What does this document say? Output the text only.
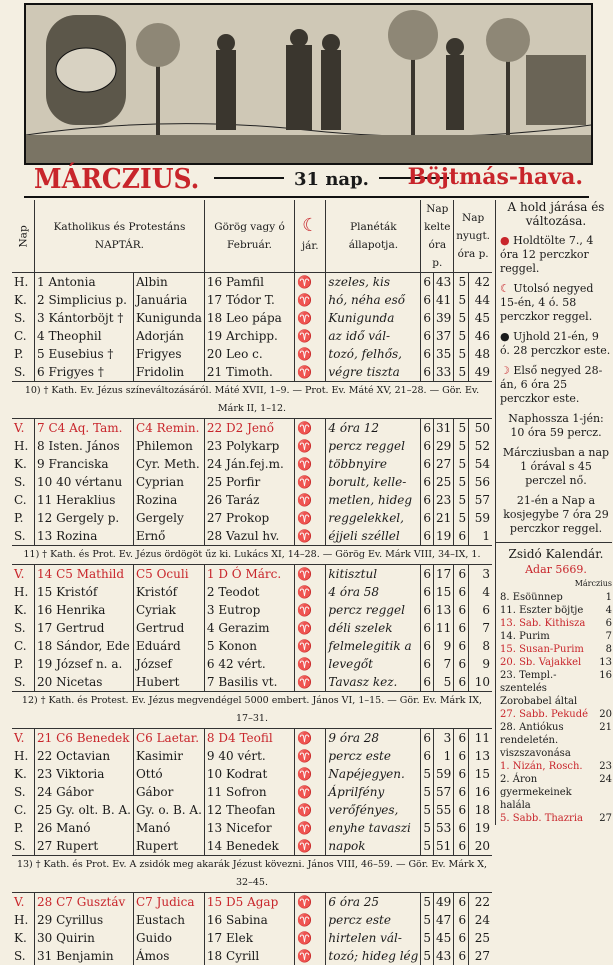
MÁRCZIUS.	31 nap. Böjtmás-hava.
Nap	Katholikus és Protestáns NAPTÁR.		Görög vagy ó Február.	☾
jár.	Planéták állapotja.	Nap kelte óra p.		Nap nyugt. óra p.	
H.	1 Antonia	Albin	16 Pamfil	♈	szeles, kis	6	43	5	42
K.	2 Simplicius p.	Januária	17 Tódor T.	♈	hó, néha eső	6	41	5	44
S.	3 Kántorböjt †	Kunigunda	18 Leo pápa	♈	Kunigunda	6	39	5	45
C.	4 Theophil	Adorján	19 Archipp.	♈	az idő vál-	6	37	5	46
P.	5 Eusebius †	Frigyes	20 Leo c.	♈	tozó, felhős,	6	35	5	48
S.	6 Frigyes †	Fridolin	21 Timoth.	♈	végre tiszta	6	33	5	49
10) † Kath. Ev. Jézus színeváltozásáról. Máté XVII, 1–9. — Prot. Ev. Máté XV, 21–28. — Gör. Ev. Márk II, 1–12.									
V.	7 C4 Aq. Tam.	C4 Remin.	22 D2 Jenő	♈	4 óra 12	6	31	5	50
H.	8 Isten. János	Philemon	23 Polykarp	♈	percz reggel	6	29	5	52
K.	9 Franciska	Cyr. Meth.	24 Ján.fej.m.	♈	többnyire	6	27	5	54
S.	10 40 vértanu	Cyprian	25 Porfir	♈	borult, kelle-	6	25	5	56
C.	11 Heraklius	Rozina	26 Taráz	♈	metlen, hideg	6	23	5	57
P.	12 Gergely p.	Gergely	27 Prokop	♈	reggelekkel,	6	21	5	59
S.	13 Rozina	Ernő	28 Vazul hv.	♈	éjjeli széllel	6	19	6	1
11) † Kath. és Prot. Ev. Jézus ördögöt űz ki. Lukács XI, 14–28. — Görög Ev. Márk VIII, 34–IX, 1.									
V.	14 C5 Mathild	C5 Oculi	1 D Ó Márc.	♈	kitisztul	6	17	6	3
H.	15 Kristóf	Kristóf	2 Teodot	♈	4 óra 58	6	15	6	4
K.	16 Henrika	Cyriak	3 Eutrop	♈	percz reggel	6	13	6	6
S.	17 Gertrud	Gertrud	4 Gerazim	♈	déli szelek	6	11	6	7
C.	18 Sándor, Ede	Eduárd	5 Konon	♈	felmelegitik a	6	9	6	8
P.	19 József n. a.	József	6 42 vért.	♈	levegőt	6	7	6	9
S.	20 Nicetas	Hubert	7 Basilis vt.	♈	Tavasz kez.	6	5	6	10
12) † Kath. és Protest. Ev. Jézus megvendégel 5000 embert. János VI, 1–15. — Gör. Ev. Márk IX, 17–31.									
V.	21 C6 Benedek	C6 Laetar.	8 D4 Teofil	♈	9 óra 28	6	3	6	11
H.	22 Octavian	Kasimir	9 40 vért.	♈	percz este	6	1	6	13
K.	23 Viktoria	Ottó	10 Kodrat	♈	Napéjegyen.	5	59	6	15
S.	24 Gábor	Gábor	11 Sofron	♈	Áprilfény	5	57	6	16
C.	25 Gy. olt. B. A.	Gy. o. B. A.	12 Theofan	♈	verőfényes,	5	55	6	18
P.	26 Manó	Manó	13 Nicefor	♈	enyhe tavaszi	5	53	6	19
S.	27 Rupert	Rupert	14 Benedek	♈	napok	5	51	6	20
13) † Kath. és Prot. Ev. A zsidók meg akarák Jézust kövezni. János VIII, 46–59. — Gör. Ev. Márk X, 32–45.									
V.	28 C7 Gusztáv	C7 Judica	15 D5 Agap	♈	6 óra 25	5	49	6	22
H.	29 Cyrillus	Eustach	16 Sabina	♈	percz este	5	47	6	24
K.	30 Quirin	Guido	17 Elek	♈	hirtelen vál-	5	45	6	25
S.	31 Benjamin	Ámos	18 Cyrill	♈	tozó; hideg lég	5	43	6	27

A hold járása és változása.

● Holdtölte 7., 4 óra 12 perczkor reggel.

☾ Utolsó negyed 15-én, 4 ó. 58 perczkor reggel.

● Ujhold 21-én, 9 ó. 28 perczkor este.

☽ Első negyed 28-án, 6 óra 25 perczkor este.

Naphossza 1-jén: 10 óra 59 percz.

Márcziusban a nap 1 órával s 45 perczel nő.

21-én a Nap a kosjegybe 7 óra 29 perczkor reggel.

Zsidó Kalendár.

Adar 5669.

Márczius
8. Esöünnep	1
11. Eszter böjtje 4
13. Sab. Kithisza 6
14. Purim	7
15. Susan-Purim 8
20. Sb. Vajakkel 13
23. Templ.-szentelés Zorobabel által
16
27. Sabb. Pekudé 20
28. Antiókus rendeletén. viszszavonása
21
1. Nizán, Rosch. 23
2. Áron gyermekeinek halála
24
5. Sabb. Thazria 27
